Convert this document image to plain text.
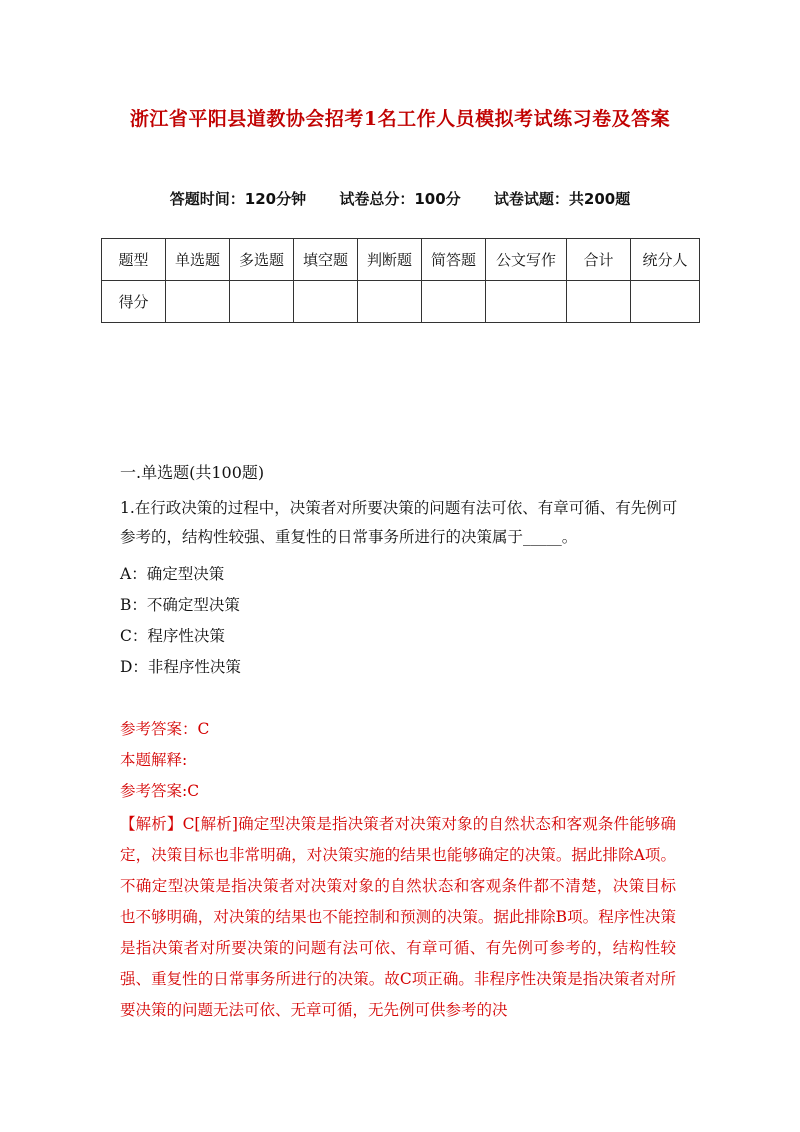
浙江省平阳县道教协会招考1名工作人员模拟考试练习卷及答案
答题时间：120分钟 试卷总分：100分 试卷试题：共200题
题型	单选题	多选题	填空题	判断题	简答题	公文写作	合计	统分人
得分								
一.单选题(共100题)
1.在行政决策的过程中，决策者对所要决策的问题有法可依、有章可循、有先例可参考的，结构性较强、重复性的日常事务所进行的决策属于_____。
A：确定型决策
B：不确定型决策
C：程序性决策
D：非程序性决策
参考答案：C
本题解释:
参考答案:C
【解析】C[解析]确定型决策是指决策者对决策对象的自然状态和客观条件能够确定，决策目标也非常明确，对决策实施的结果也能够确定的决策。据此排除A项。不确定型决策是指决策者对决策对象的自然状态和客观条件都不清楚，决策目标也不够明确，对决策的结果也不能控制和预测的决策。据此排除B项。程序性决策是指决策者对所要决策的问题有法可依、有章可循、有先例可参考的，结构性较强、重复性的日常事务所进行的决策。故C项正确。非程序性决策是指决策者对所要决策的问题无法可依、无章可循，无先例可供参考的决
